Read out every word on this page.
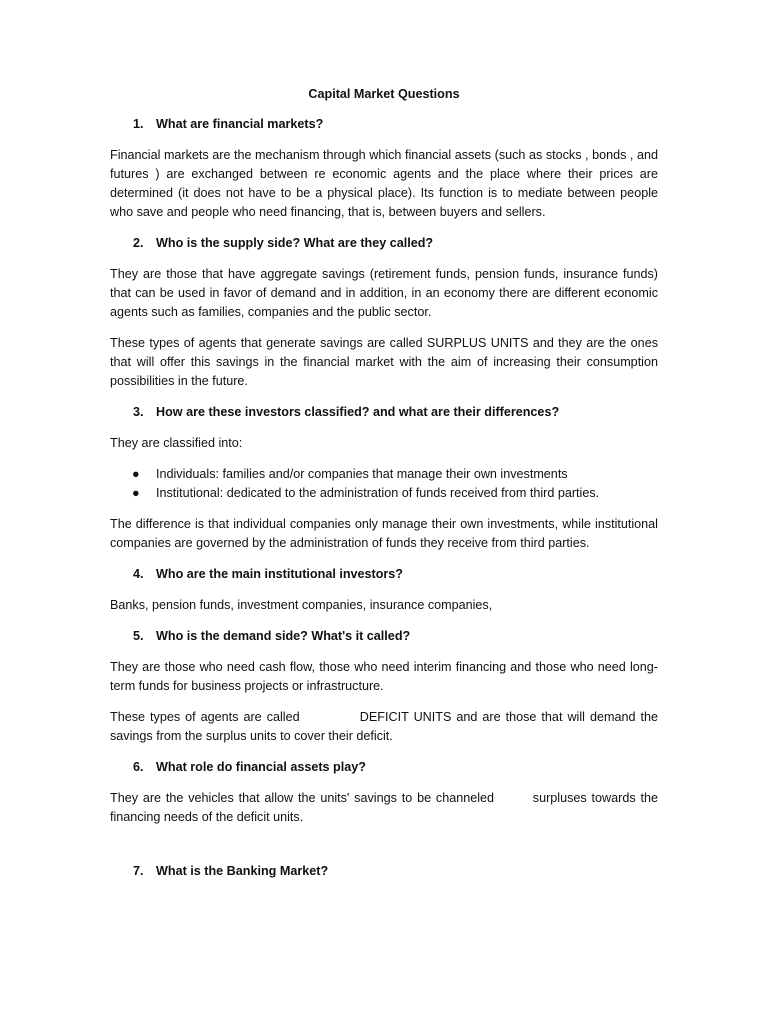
Capital Market Questions
1. What are financial markets?
Financial markets are the mechanism through which financial assets (such as stocks , bonds , and futures ) are exchanged between re economic agents and the place where their prices are determined (it does not have to be a physical place). Its function is to mediate between people who save and people who need financing, that is, between buyers and sellers.
2. Who is the supply side? What are they called?
They are those that have aggregate savings (retirement funds, pension funds, insurance funds) that can be used in favor of demand and in addition, in an economy there are different economic agents such as families, companies and the public sector.
These types of agents that generate savings are called SURPLUS UNITS and they are the ones that will offer this savings in the financial market with the aim of increasing their consumption possibilities in the future.
3. How are these investors classified? and what are their differences?
They are classified into:
●	Individuals: families and/or companies that manage their own investments
●	Institutional: dedicated to the administration of funds received from third parties.
The difference is that individual companies only manage their own investments, while institutional companies are governed by the administration of funds they receive from third parties.
4. Who are the main institutional investors?
Banks, pension funds, investment companies, insurance companies,
5. Who is the demand side? What's it called?
They are those who need cash flow, those who need interim financing and those who need long-term funds for business projects or infrastructure.
These types of agents are called            DEFICIT UNITS and are those that will demand the savings from the surplus units to cover their deficit.
6. What role do financial assets play?
They are the vehicles that allow the units' savings to be channeled        surpluses towards the financing needs of the deficit units.
7. What is the Banking Market?
